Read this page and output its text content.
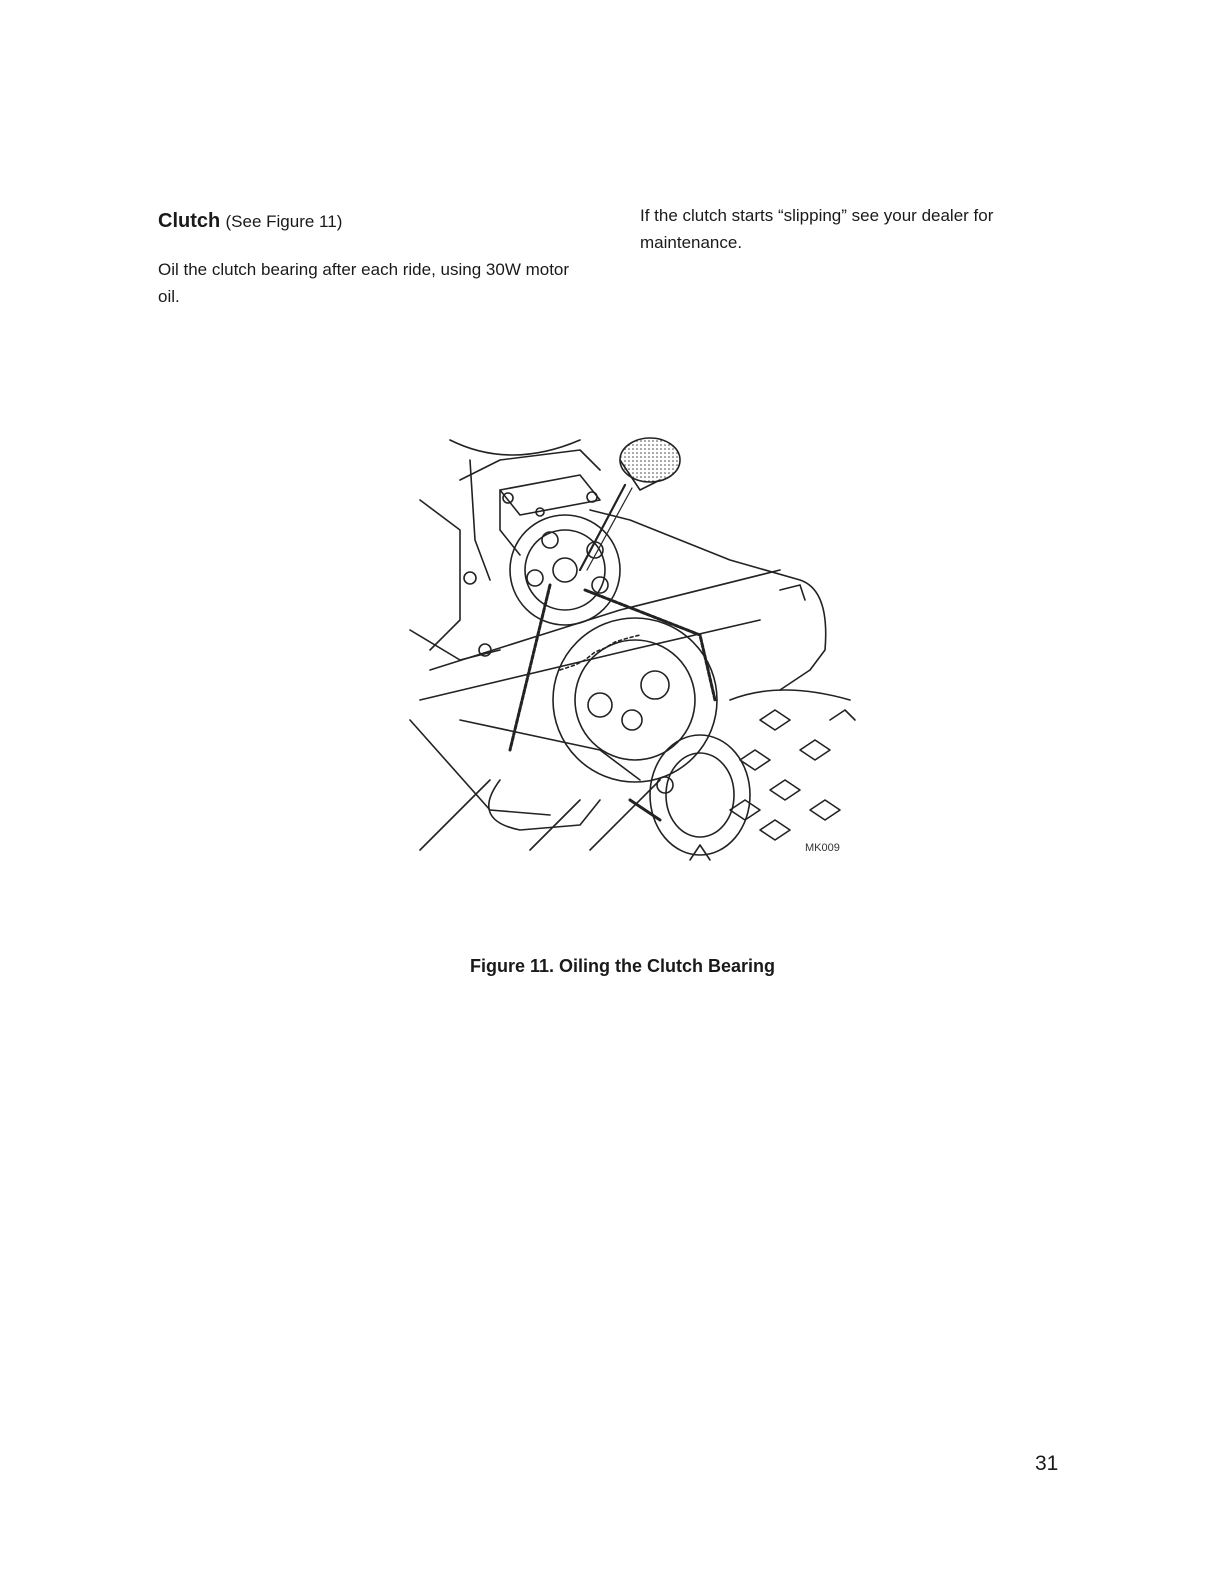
Clutch (See Figure 11)
Oil the clutch bearing after each ride, using 30W motor oil.
If the clutch starts “slipping” see your dealer for maintenance.
MK009
Figure 11. Oiling the Clutch Bearing
31
